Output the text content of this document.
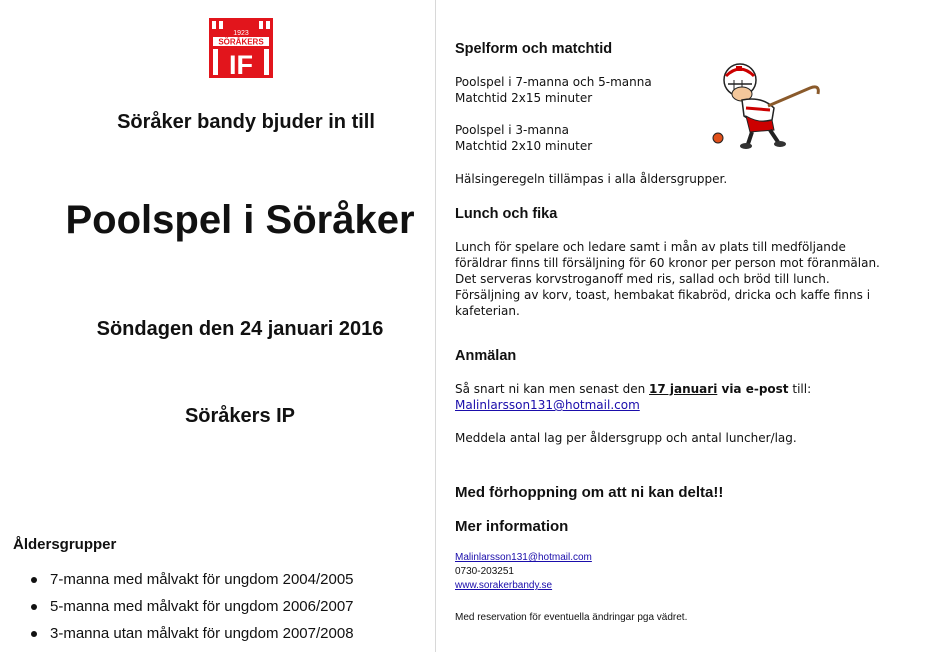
1923
SÖRÅKERS
IF
Söråker bandy bjuder in till
Poolspel i Söråker
Söndagen den 24 januari 2016
Söråkers IP
Åldersgrupper
7-manna med målvakt för ungdom 2004/2005
5-manna med målvakt för ungdom 2006/2007
3-manna utan målvakt för ungdom 2007/2008
Spelform och matchtid
Poolspel i 7-manna och 5-manna
Matchtid 2x15 minuter
Poolspel i 3-manna
Matchtid 2x10 minuter
Hälsingeregeln tillämpas i alla åldersgrupper.
Lunch och fika
Lunch för spelare och ledare samt i mån av plats till medföljande
föräldrar finns till försäljning för 60 kronor per person mot föranmälan.
Det serveras korvstroganoff med ris, sallad och bröd till lunch.
Försäljning av korv, toast, hembakat fikabröd, dricka och kaffe finns i
kafeterian.
Anmälan
Så snart ni kan men senast den 17 januari via e-post till:
Malinlarsson131@hotmail.com
Meddela antal lag per åldersgrupp och antal luncher/lag.
Med förhoppning om att ni kan delta!!
Mer information
Malinlarsson131@hotmail.com
0730-203251
www.sorakerbandy.se
Med reservation för eventuella ändringar pga vädret.
